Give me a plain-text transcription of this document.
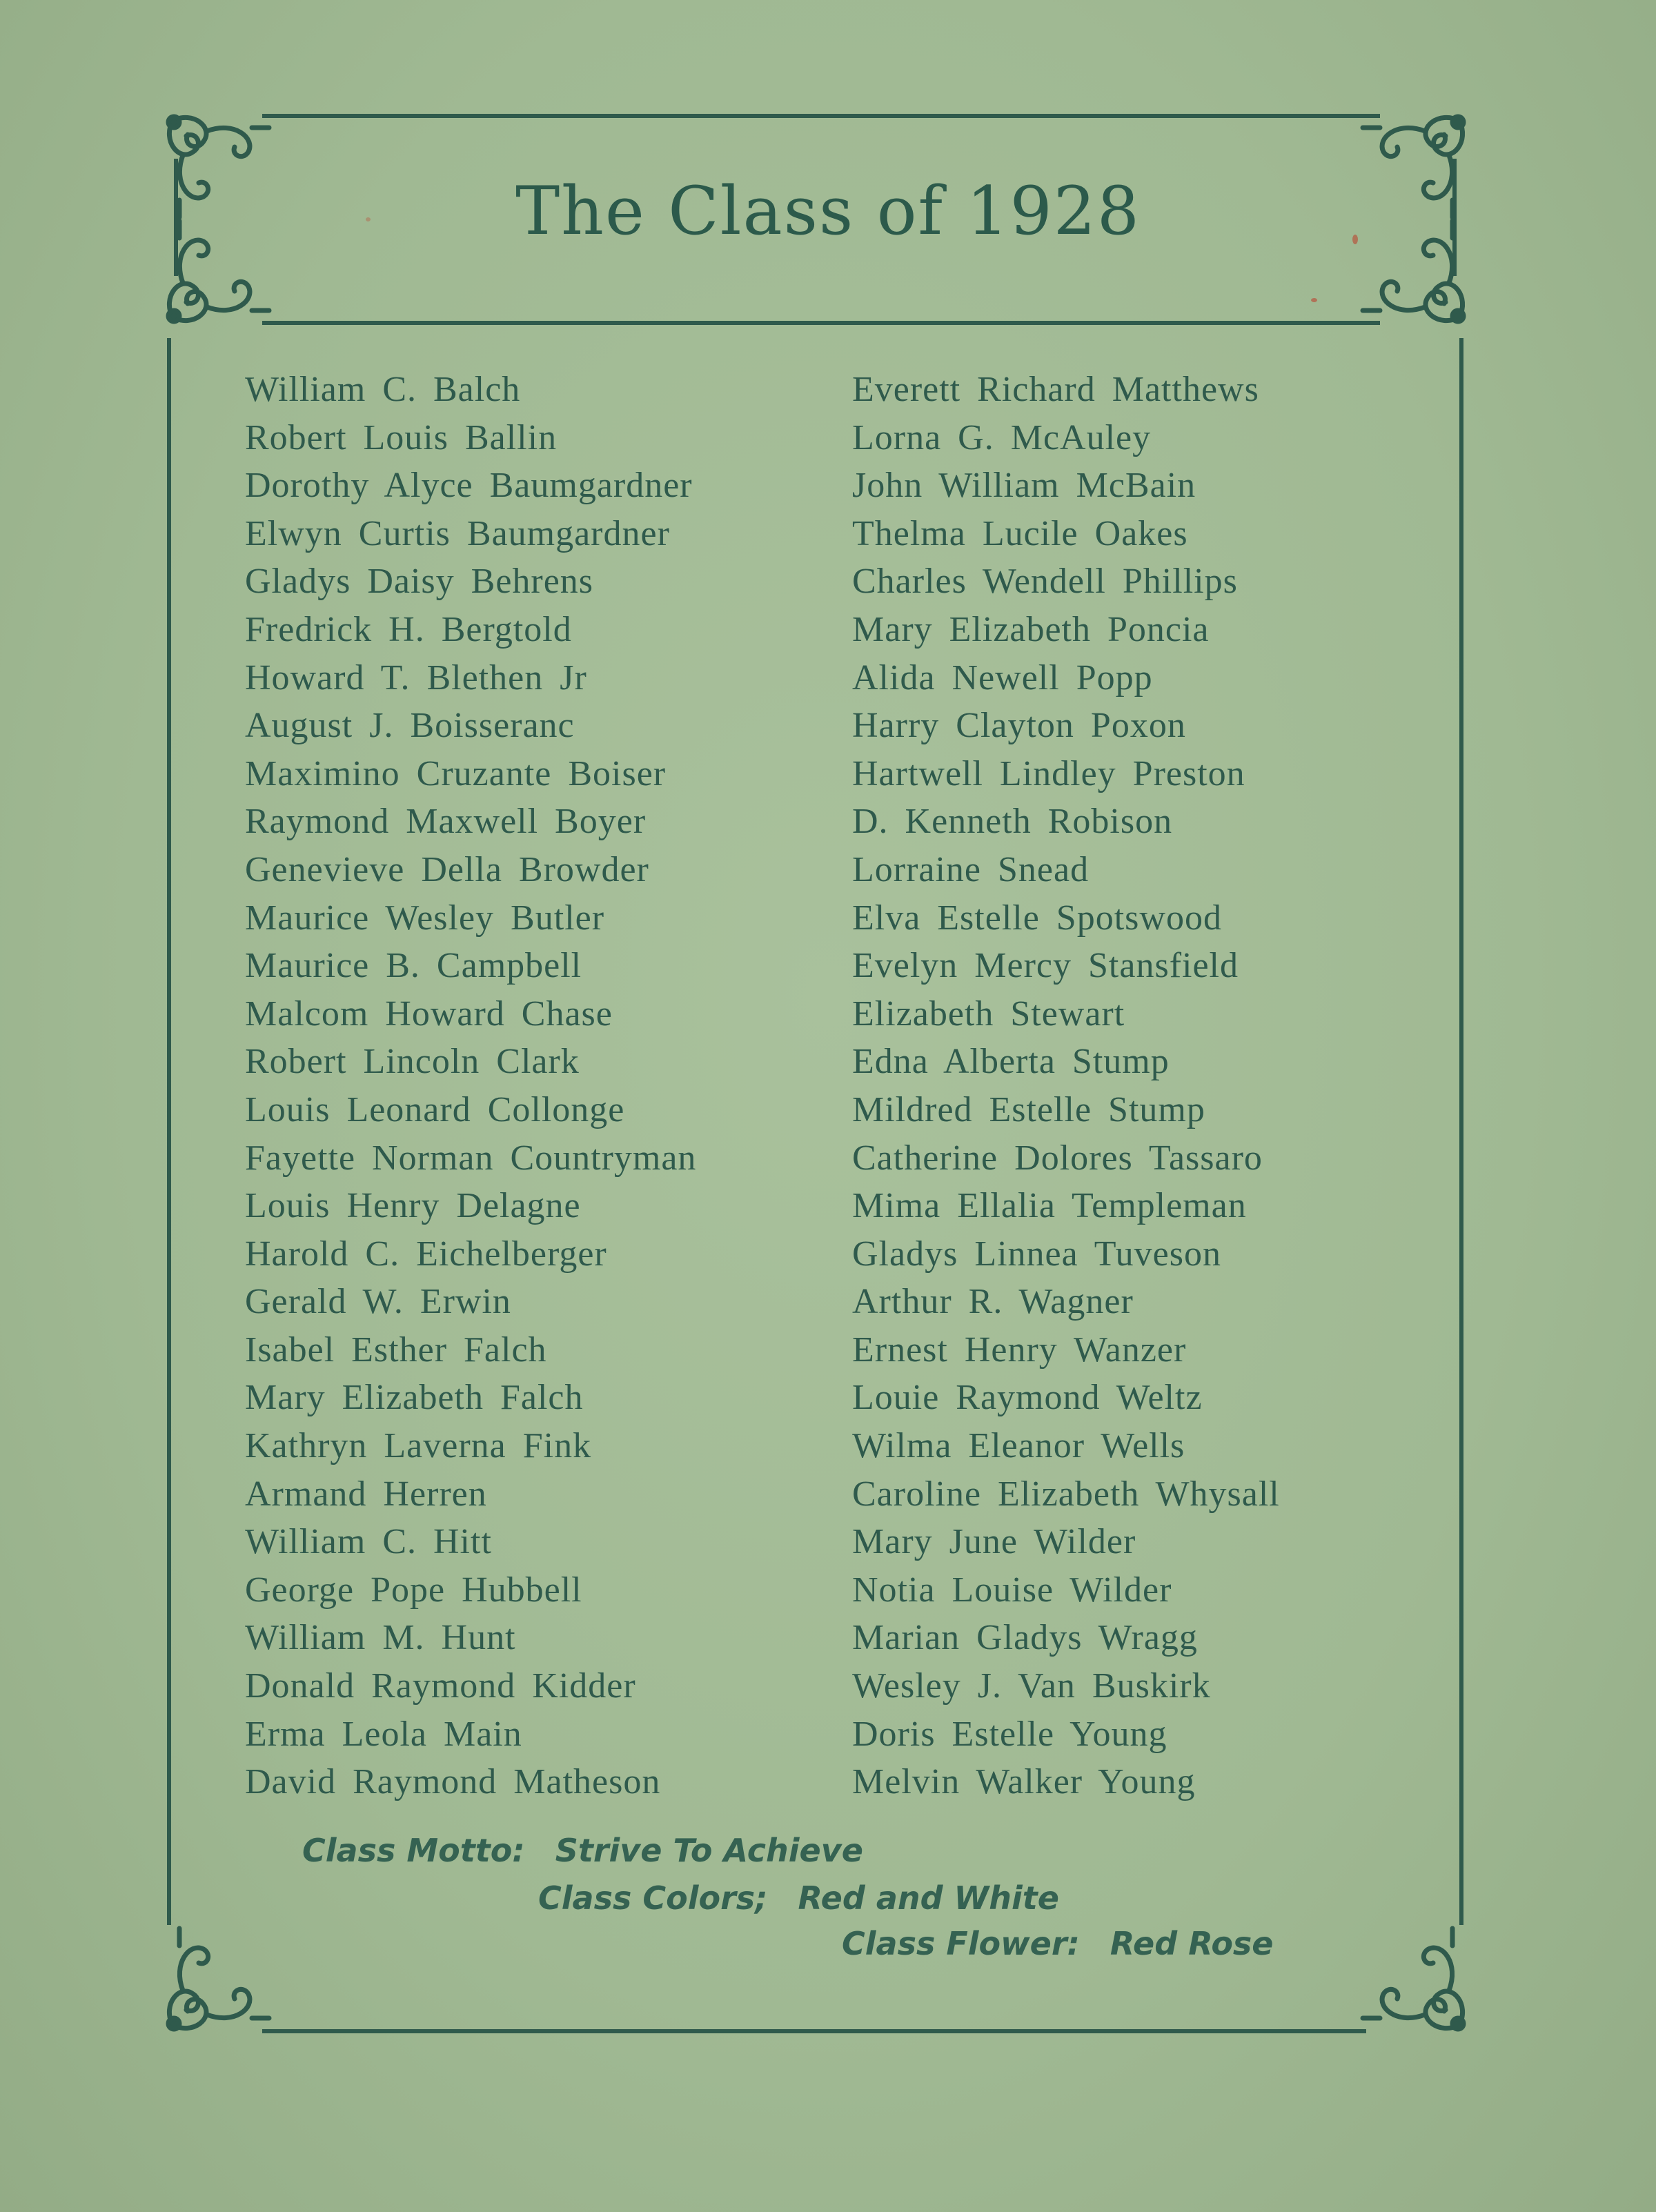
The Class of 1928
William C. Balch
Robert Louis Ballin
Dorothy Alyce Baumgardner
Elwyn Curtis Baumgardner
Gladys Daisy Behrens
Fredrick H. Bergtold
Howard T. Blethen Jr
August J. Boisseranc
Maximino Cruzante Boiser
Raymond Maxwell Boyer
Genevieve Della Browder
Maurice Wesley Butler
Maurice B. Campbell
Malcom Howard Chase
Robert Lincoln Clark
Louis Leonard Collonge
Fayette Norman Countryman
Louis Henry Delagne
Harold C. Eichelberger
Gerald W. Erwin
Isabel Esther Falch
Mary Elizabeth Falch
Kathryn Laverna Fink
Armand Herren
William C. Hitt
George Pope Hubbell
William M. Hunt
Donald Raymond Kidder
Erma Leola Main
David Raymond Matheson
Everett Richard Matthews
Lorna G. McAuley
John William McBain
Thelma Lucile Oakes
Charles Wendell Phillips
Mary Elizabeth Poncia
Alida Newell Popp
Harry Clayton Poxon
Hartwell Lindley Preston
D. Kenneth Robison
Lorraine Snead
Elva Estelle Spotswood
Evelyn Mercy Stansfield
Elizabeth Stewart
Edna Alberta Stump
Mildred Estelle Stump
Catherine Dolores Tassaro
Mima Ellalia Templeman
Gladys Linnea Tuveson
Arthur R. Wagner
Ernest Henry Wanzer
Louie Raymond Weltz
Wilma Eleanor Wells
Caroline Elizabeth Whysall
Mary June Wilder
Notia Louise Wilder
Marian Gladys Wragg
Wesley J. Van Buskirk
Doris Estelle Young
Melvin Walker Young
Class Motto: Strive To Achieve
Class Colors; Red and White
Class Flower: Red Rose
